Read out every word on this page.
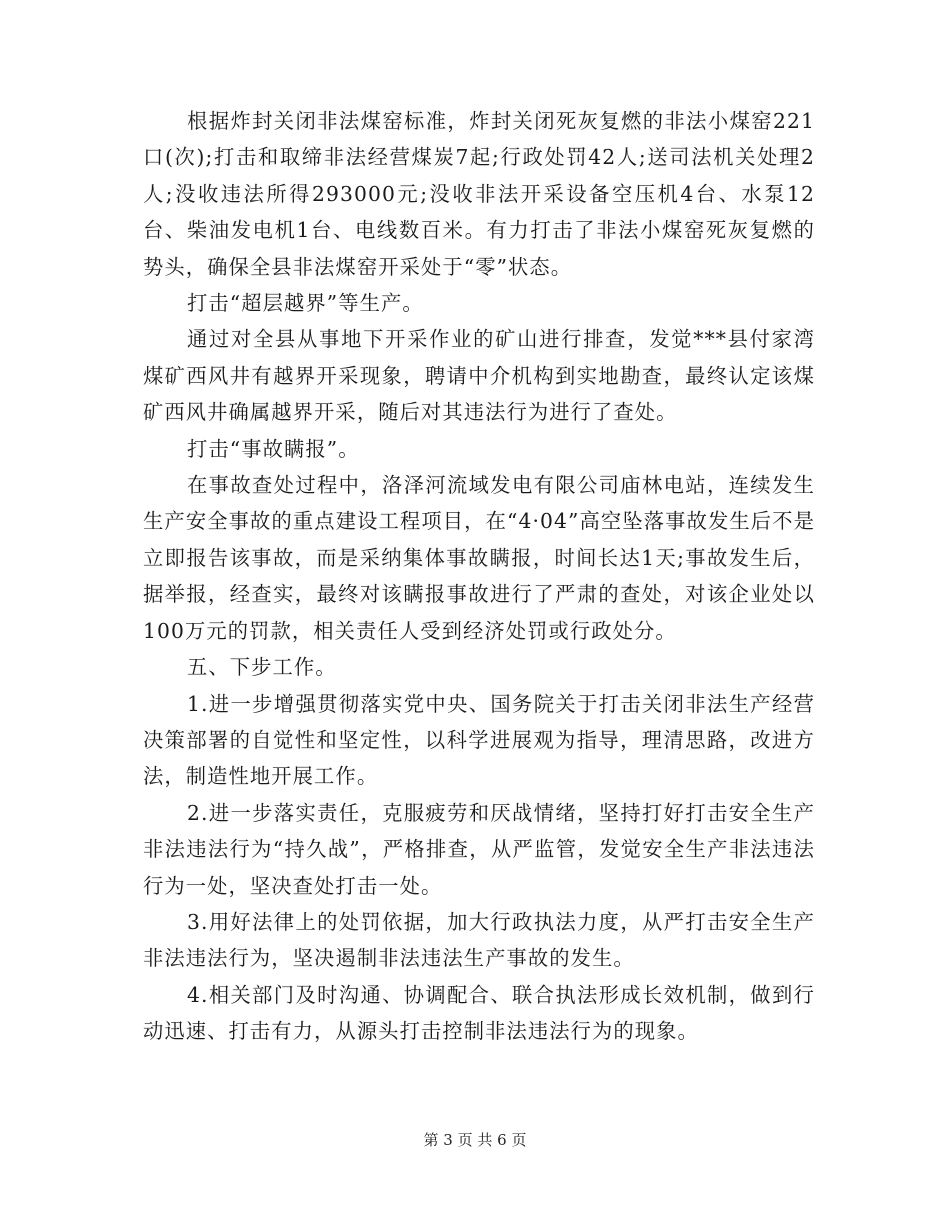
根据炸封关闭非法煤窑标准，炸封关闭死灰复燃的非法小煤窑221口(次);打击和取缔非法经营煤炭7起;行政处罚42人;送司法机关处理2人;没收违法所得293000元;没收非法开采设备空压机4台、水泵12台、柴油发电机1台、电线数百米。有力打击了非法小煤窑死灰复燃的势头，确保全县非法煤窑开采处于“零”状态。

打击“超层越界”等生产。

通过对全县从事地下开采作业的矿山进行排查，发觉***县付家湾煤矿西风井有越界开采现象，聘请中介机构到实地勘查，最终认定该煤矿西风井确属越界开采，随后对其违法行为进行了查处。

打击“事故瞒报”。

在事故查处过程中，洛泽河流域发电有限公司庙林电站，连续发生生产安全事故的重点建设工程项目，在“4·04”高空坠落事故发生后不是立即报告该事故，而是采纳集体事故瞒报，时间长达1天;事故发生后，据举报，经查实，最终对该瞒报事故进行了严肃的查处，对该企业处以100万元的罚款，相关责任人受到经济处罚或行政处分。

五、下步工作。

1.进一步增强贯彻落实党中央、国务院关于打击关闭非法生产经营决策部署的自觉性和坚定性，以科学进展观为指导，理清思路，改进方法，制造性地开展工作。

2.进一步落实责任，克服疲劳和厌战情绪，坚持打好打击安全生产非法违法行为“持久战”，严格排查，从严监管，发觉安全生产非法违法行为一处，坚决查处打击一处。

3.用好法律上的处罚依据，加大行政执法力度，从严打击安全生产非法违法行为，坚决遏制非法违法生产事故的发生。

4.相关部门及时沟通、协调配合、联合执法形成长效机制，做到行动迅速、打击有力，从源头打击控制非法违法行为的现象。

第 3 页 共 6 页
